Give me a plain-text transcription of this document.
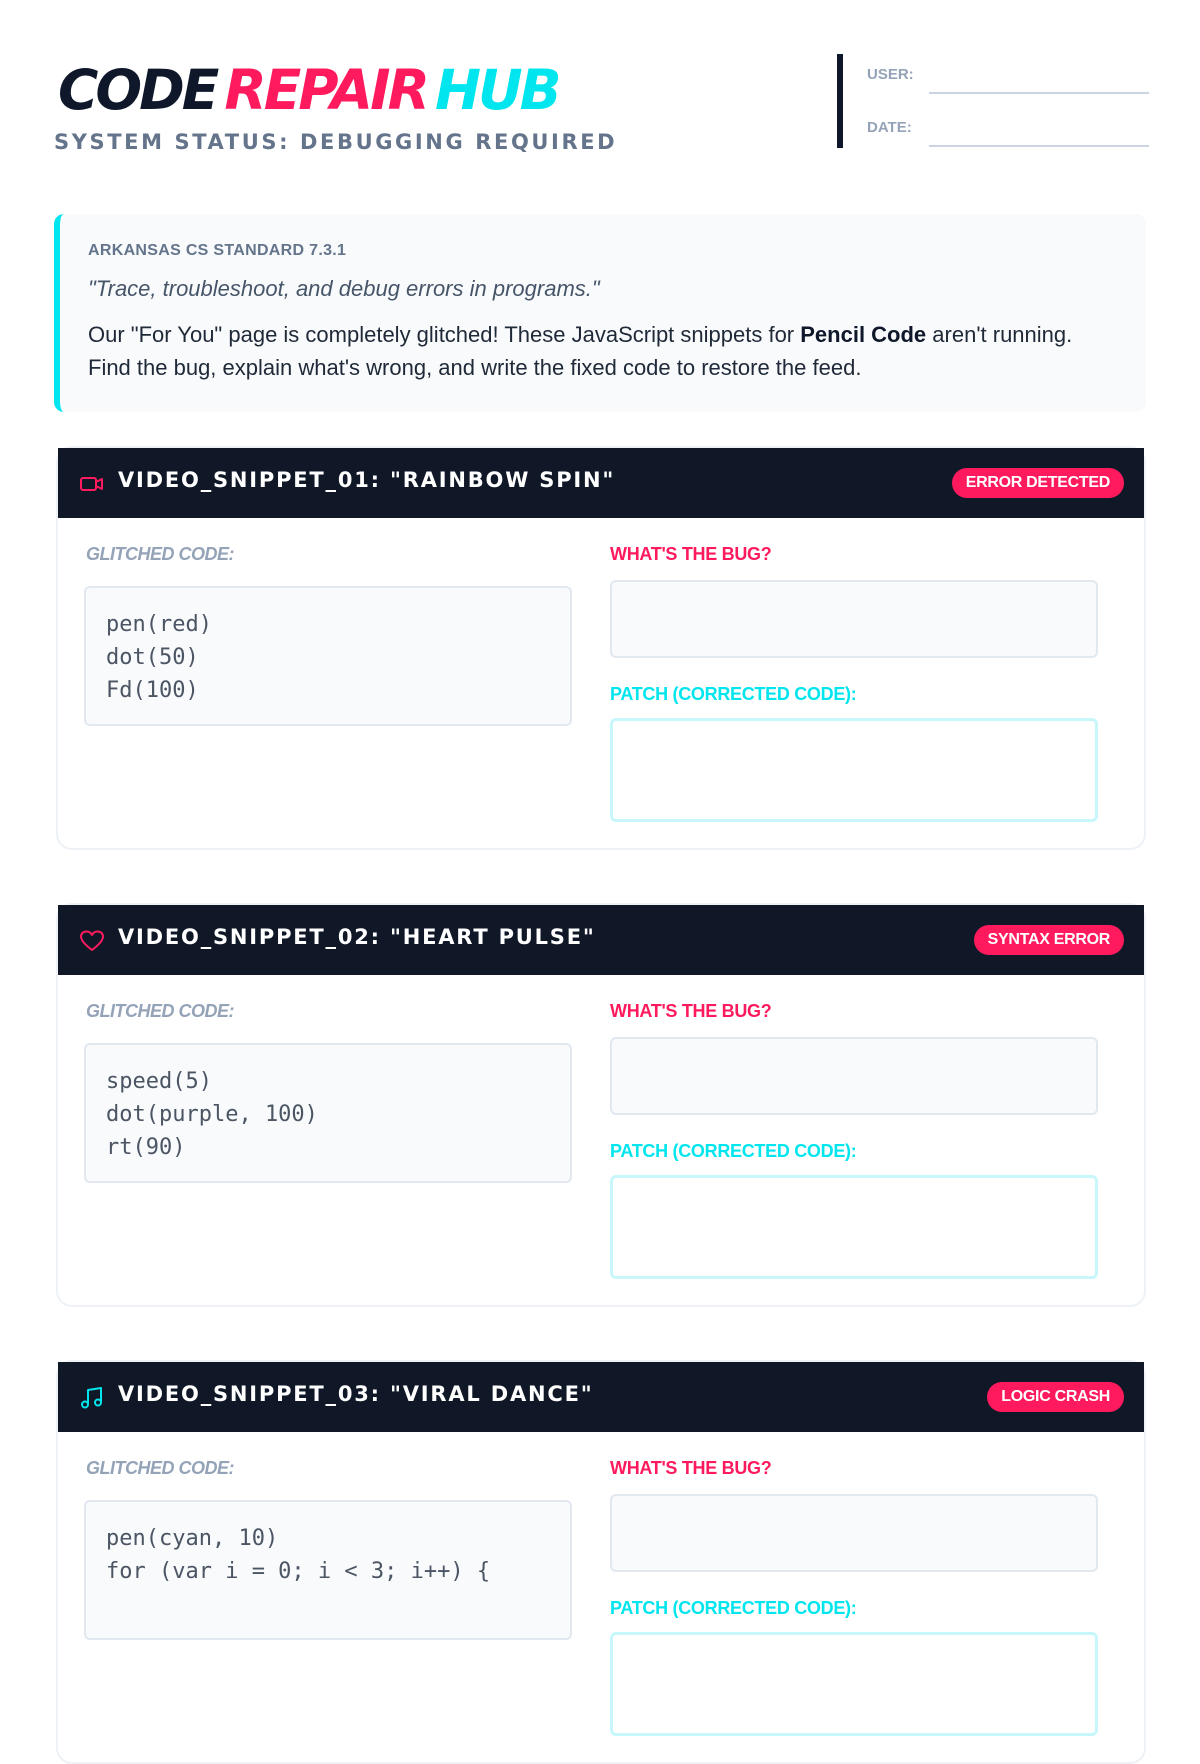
CODE REPAIR HUB
SYSTEM STATUS: DEBUGGING REQUIRED
USER:
DATE:
ARKANSAS CS STANDARD 7.3.1
"Trace, troubleshoot, and debug errors in programs."
Our "For You" page is completely glitched! These JavaScript snippets for Pencil Code aren't running. Find the bug, explain what's wrong, and write the fixed code to restore the feed.
VIDEO_SNIPPET_01: "RAINBOW SPIN"	ERROR DETECTED
GLITCHED CODE:
pen(red)
dot(50)
Fd(100)
WHAT'S THE BUG?
PATCH (CORRECTED CODE):
VIDEO_SNIPPET_02: "HEART PULSE"	SYNTAX ERROR
GLITCHED CODE:
speed(5)
dot(purple, 100)
rt(90)
WHAT'S THE BUG?
PATCH (CORRECTED CODE):
VIDEO_SNIPPET_03: "VIRAL DANCE"	LOGIC CRASH
GLITCHED CODE:
pen(cyan, 10)
for (var i = 0; i < 3; i++) {
WHAT'S THE BUG?
PATCH (CORRECTED CODE):
